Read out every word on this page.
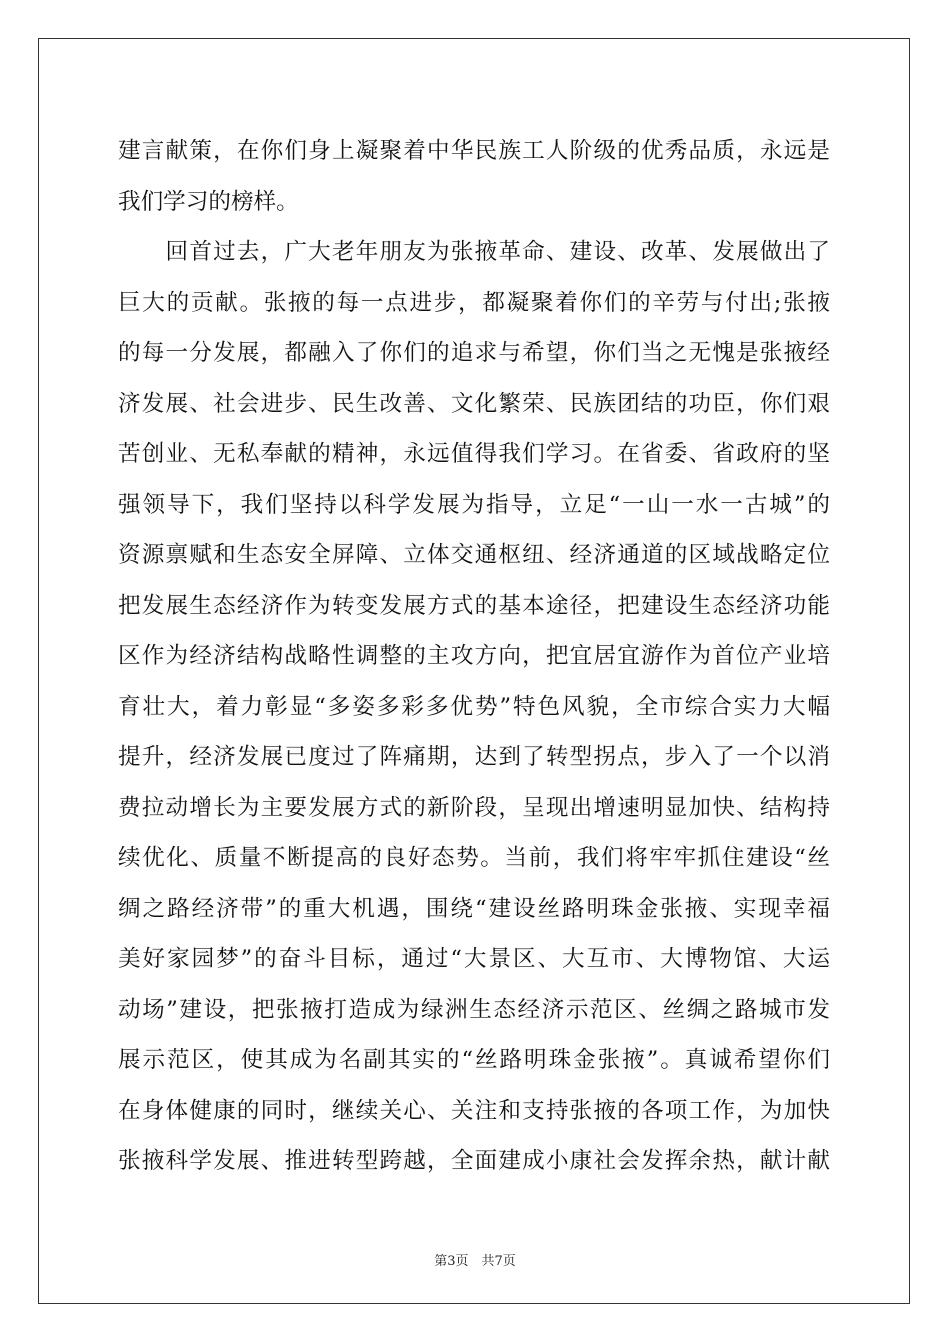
建言献策，在你们身上凝聚着中华民族工人阶级的优秀品质，永远是
我们学习的榜样。
　　回首过去，广大老年朋友为张掖革命、建设、改革、发展做出了
巨大的贡献。张掖的每一点进步，都凝聚着你们的辛劳与付出;张掖
的每一分发展，都融入了你们的追求与希望，你们当之无愧是张掖经
济发展、社会进步、民生改善、文化繁荣、民族团结的功臣，你们艰
苦创业、无私奉献的精神，永远值得我们学习。在省委、省政府的坚
强领导下，我们坚持以科学发展为指导，立足“一山一水一古城”的
资源禀赋和生态安全屏障、立体交通枢纽、经济通道的区域战略定位
把发展生态经济作为转变发展方式的基本途径，把建设生态经济功能
区作为经济结构战略性调整的主攻方向，把宜居宜游作为首位产业培
育壮大，着力彰显“多姿多彩多优势”特色风貌，全市综合实力大幅
提升，经济发展已度过了阵痛期，达到了转型拐点，步入了一个以消
费拉动增长为主要发展方式的新阶段，呈现出增速明显加快、结构持
续优化、质量不断提高的良好态势。当前，我们将牢牢抓住建设“丝
绸之路经济带”的重大机遇，围绕“建设丝路明珠金张掖、实现幸福
美好家园梦”的奋斗目标，通过“大景区、大互市、大博物馆、大运
动场”建设，把张掖打造成为绿洲生态经济示范区、丝绸之路城市发
展示范区，使其成为名副其实的“丝路明珠金张掖”。真诚希望你们
在身体健康的同时，继续关心、关注和支持张掖的各项工作，为加快
张掖科学发展、推进转型跨越，全面建成小康社会发挥余热，献计献
第3页　共7页
